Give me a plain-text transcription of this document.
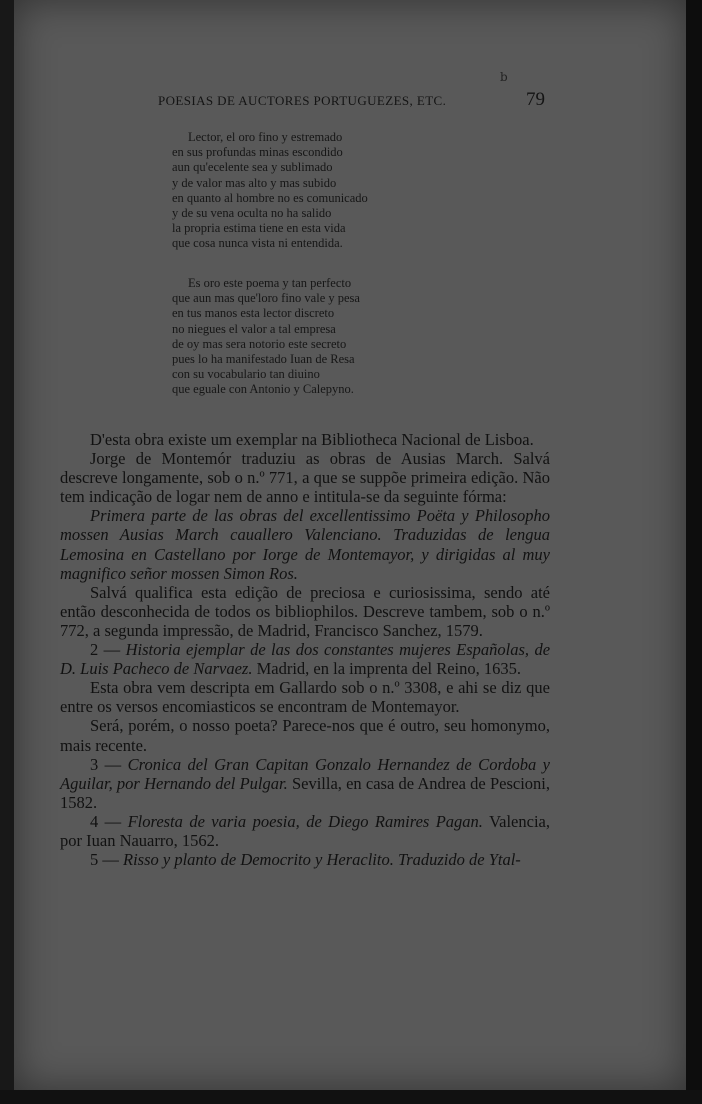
b
POESIAS DE AUCTORES PORTUGUEZES, ETC.	79
Lector, el oro fino y estremado
en sus profundas minas escondido
aun qu'ecelente sea y sublimado
y de valor mas alto y mas subido
en quanto al hombre no es comunicado
y de su vena oculta no ha salido
la propria estima tiene en esta vida
que cosa nunca vista ni entendida.
Es oro este poema y tan perfecto
que aun mas que'loro fino vale y pesa
en tus manos esta lector discreto
no niegues el valor a tal empresa
de oy mas sera notorio este secreto
pues lo ha manifestado Iuan de Resa
con su vocabulario tan diuino
que eguale con Antonio y Calepyno.

D'esta obra existe um exemplar na Bibliotheca Nacional de Lisboa.

Jorge de Montemór traduziu as obras de Ausias March. Salvá descreve longamente, sob o n.º 771, a que se suppõe primeira edição. Não tem indicação de logar nem de anno e intitula-se da seguinte fórma:

Primera parte de las obras del excellentissimo Poëta y Philosopho mossen Ausias March cauallero Valenciano. Traduzidas de lengua Lemosina en Castellano por Iorge de Montemayor, y dirigidas al muy magnifico señor mossen Simon Ros.

Salvá qualifica esta edição de preciosa e curiosissima, sendo até então desconhecida de todos os bibliophilos. Descreve tambem, sob o n.º 772, a segunda impressão, de Madrid, Francisco Sanchez, 1579.

2 — Historia ejemplar de las dos constantes mujeres Españolas, de D. Luis Pacheco de Narvaez. Madrid, en la imprenta del Reino, 1635.

Esta obra vem descripta em Gallardo sob o n.º 3308, e ahi se diz que entre os versos encomiasticos se encontram de Montemayor.

Será, porém, o nosso poeta? Parece-nos que é outro, seu homonymo, mais recente.

3 — Cronica del Gran Capitan Gonzalo Hernandez de Cordoba y Aguilar, por Hernando del Pulgar. Sevilla, en casa de Andrea de Pescioni, 1582.

4 — Floresta de varia poesia, de Diego Ramires Pagan. Valencia, por Iuan Nauarro, 1562.

5 — Risso y planto de Democrito y Heraclito. Traduzido de Ytal-
